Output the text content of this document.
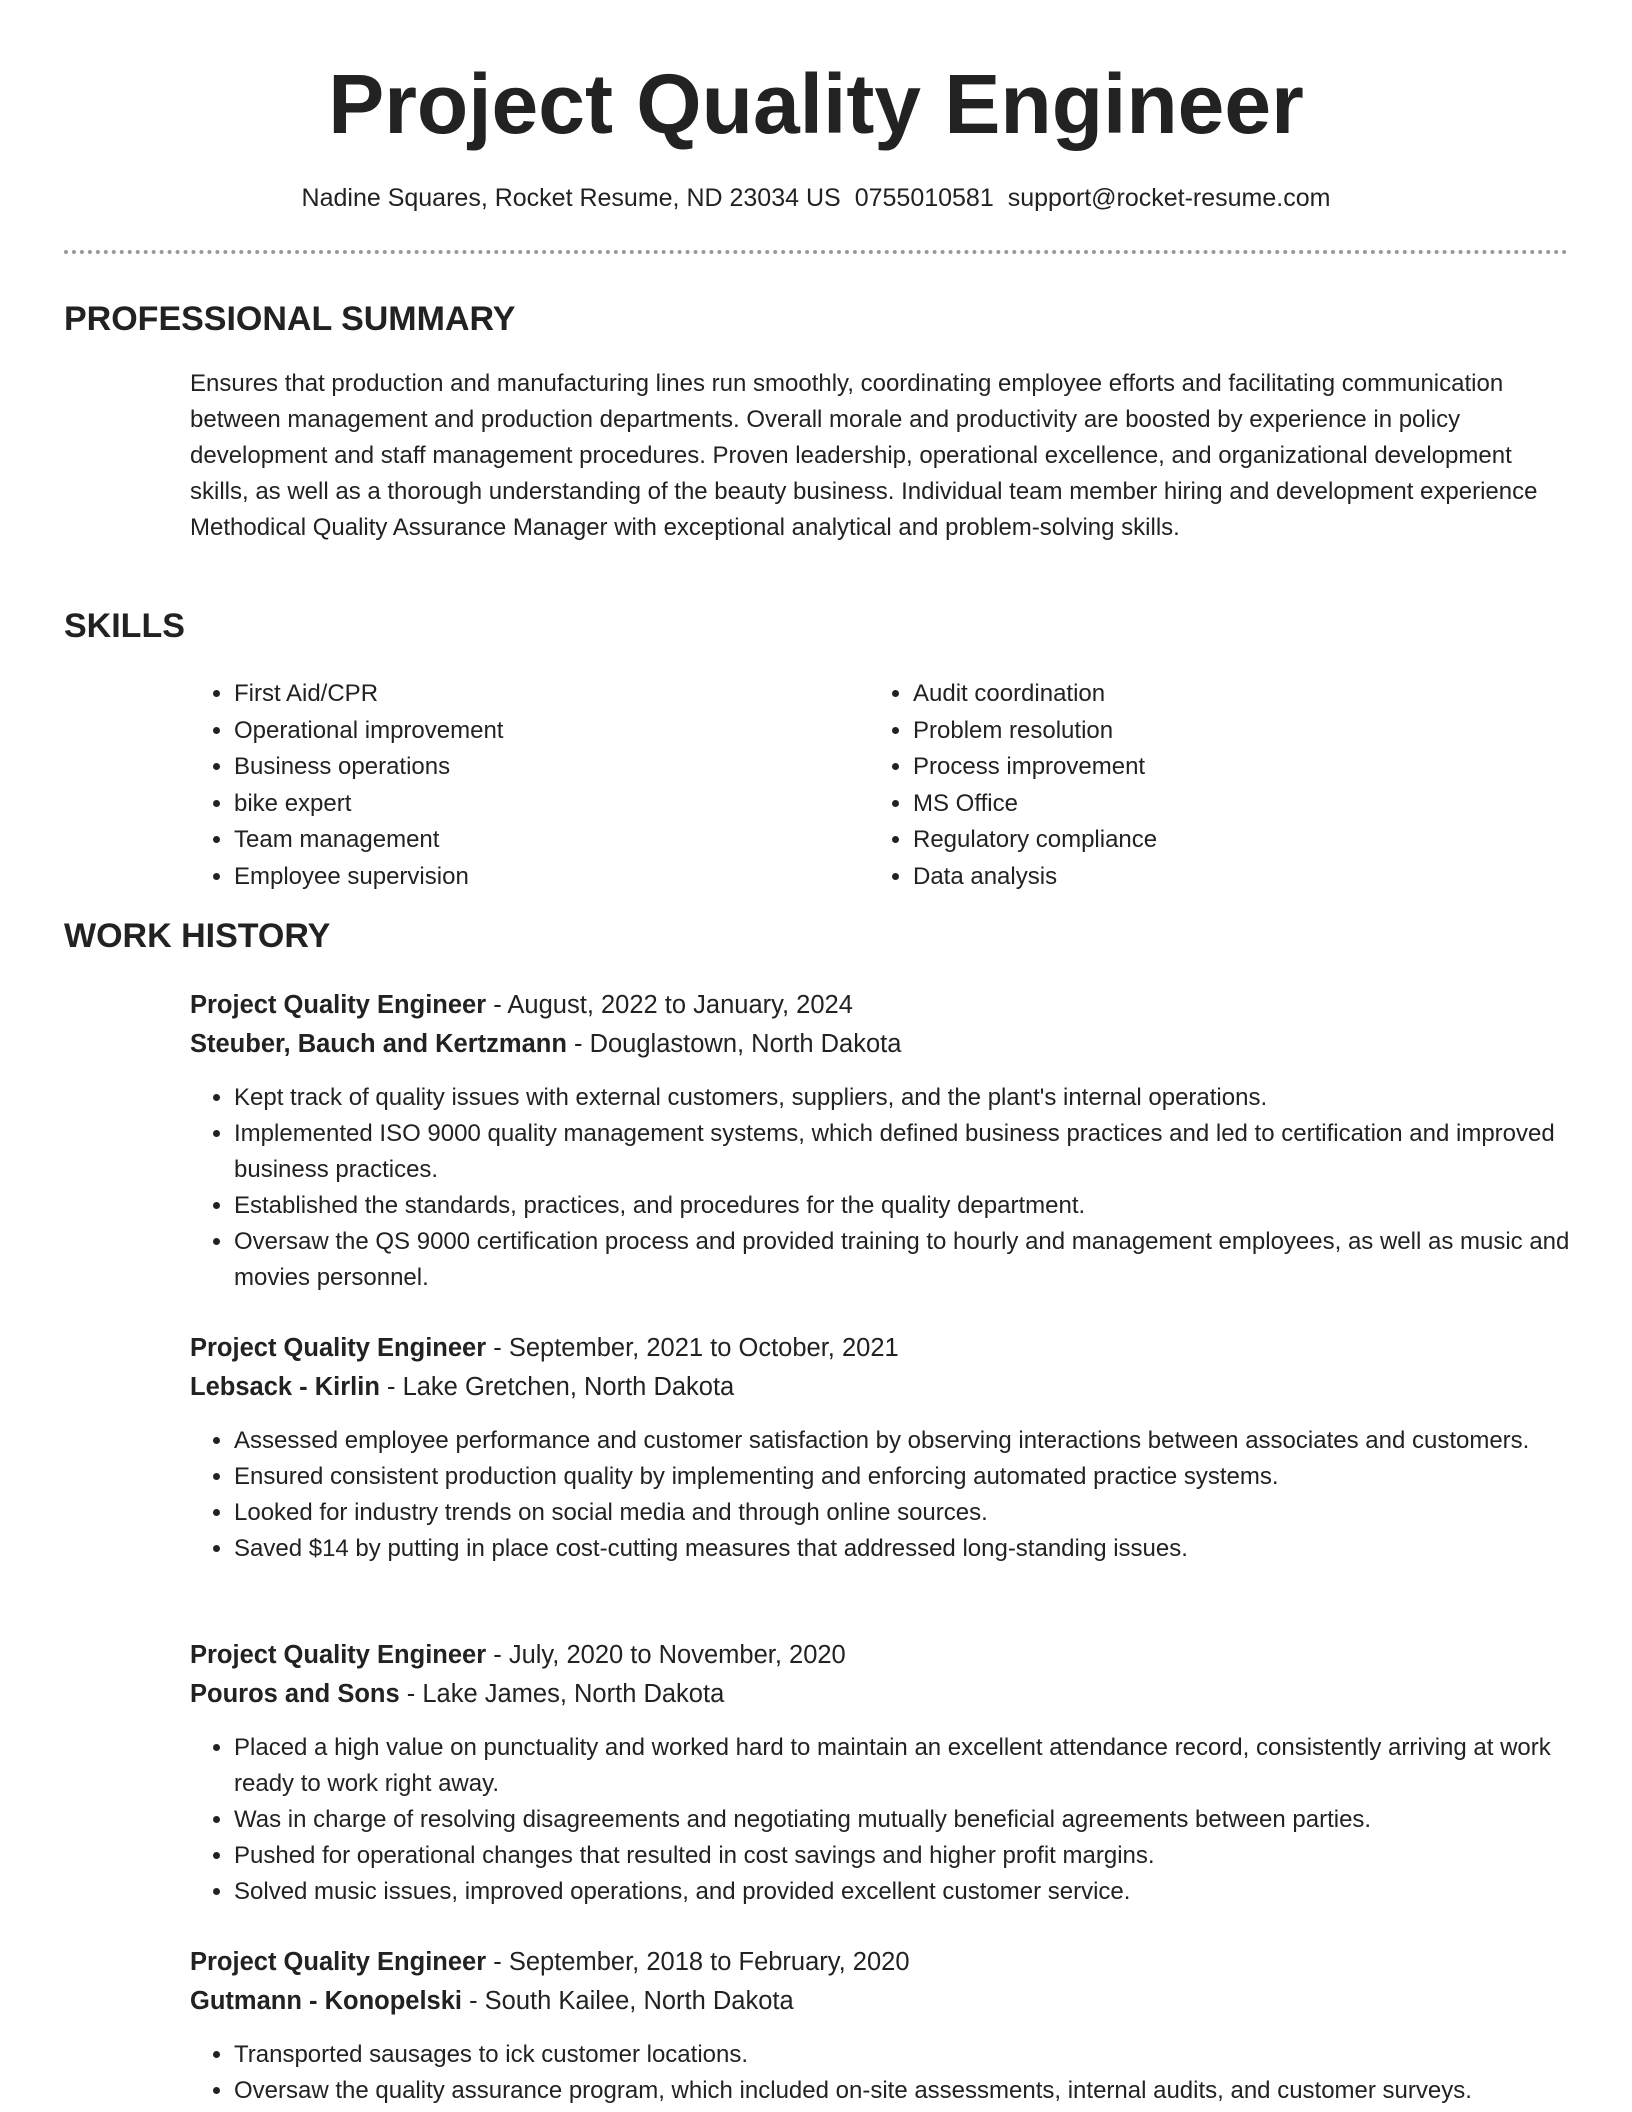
Project Quality Engineer
Nadine Squares, Rocket Resume, ND 23034 US 0755010581 support@rocket-resume.com
PROFESSIONAL SUMMARY

Ensures that production and manufacturing lines run smoothly, coordinating employee efforts and facilitating communication between management and production departments. Overall morale and productivity are boosted by experience in policy development and staff management procedures. Proven leadership, operational excellence, and organizational development skills, as well as a thorough understanding of the beauty business. Individual team member hiring and development experience Methodical Quality Assurance Manager with exceptional analytical and problem-solving skills.

SKILLS
• First Aid/CPR
• Operational improvement
• Business operations
• bike expert
• Team management
• Employee supervision
• Audit coordination
• Problem resolution
• Process improvement
• MS Office
• Regulatory compliance
• Data analysis
WORK HISTORY

Project Quality Engineer - August, 2022 to January, 2024

Steuber, Bauch and Kertzmann - Douglastown, North Dakota

• Kept track of quality issues with external customers, suppliers, and the plant's internal operations.
• Implemented ISO 9000 quality management systems, which defined business practices and led to certification and improved business practices.
• Established the standards, practices, and procedures for the quality department.
• Oversaw the QS 9000 certification process and provided training to hourly and management employees, as well as music and movies personnel.

Project Quality Engineer - September, 2021 to October, 2021

Lebsack - Kirlin - Lake Gretchen, North Dakota

• Assessed employee performance and customer satisfaction by observing interactions between associates and customers.
• Ensured consistent production quality by implementing and enforcing automated practice systems.
• Looked for industry trends on social media and through online sources.
• Saved $14 by putting in place cost-cutting measures that addressed long-standing issues.

Project Quality Engineer - July, 2020 to November, 2020

Pouros and Sons - Lake James, North Dakota

• Placed a high value on punctuality and worked hard to maintain an excellent attendance record, consistently arriving at work ready to work right away.
• Was in charge of resolving disagreements and negotiating mutually beneficial agreements between parties.
• Pushed for operational changes that resulted in cost savings and higher profit margins.
• Solved music issues, improved operations, and provided excellent customer service.

Project Quality Engineer - September, 2018 to February, 2020

Gutmann - Konopelski - South Kailee, North Dakota

• Transported sausages to ick customer locations.
• Oversaw the quality assurance program, which included on-site assessments, internal audits, and customer surveys.
